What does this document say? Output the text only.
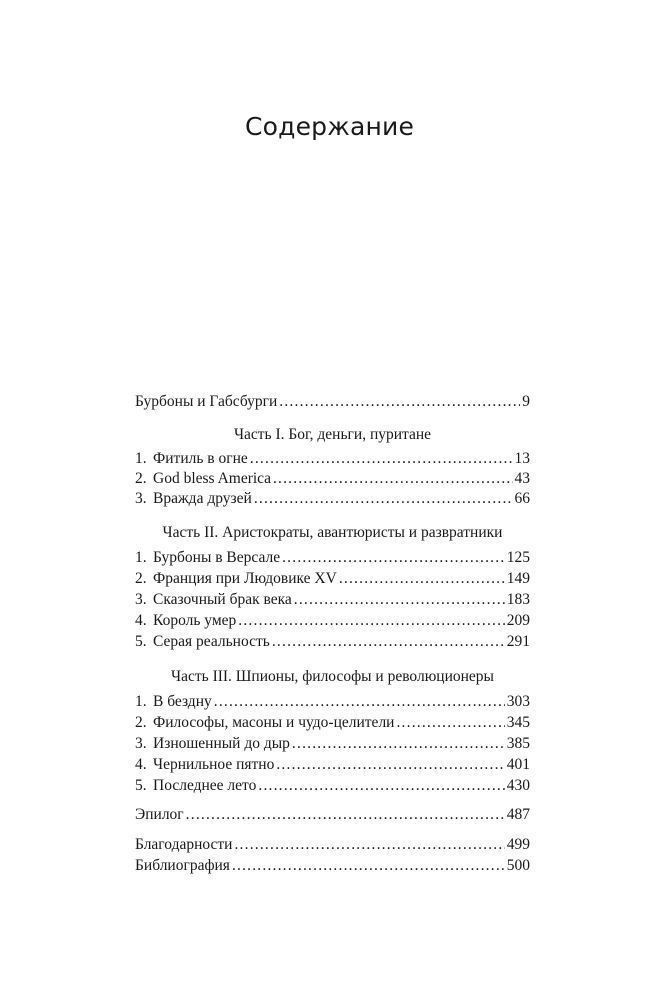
Содержание
Бурбоны и Габсбурги .....	9
Часть I. Бог, деньги, пуритане
1. Фитиль в огне .....	13
2. God bless America .....	43
3. Вражда друзей .....	66
Часть II. Аристократы, авантюристы и развратники
1. Бурбоны в Версале .....	125
2. Франция при Людовике XV .....	149
3. Сказочный брак века .....	183
4. Король умер .....	209
5. Серая реальность .....	291
Часть III. Шпионы, философы и революционеры
1. В бездну .....	303
2. Философы, масоны и чудо-целители .....	345
3. Изношенный до дыр .....	385
4. Чернильное пятно .....	401
5. Последнее лето .....	430
Эпилог .....	487
Благодарности .....	499
Библиография .....	500
